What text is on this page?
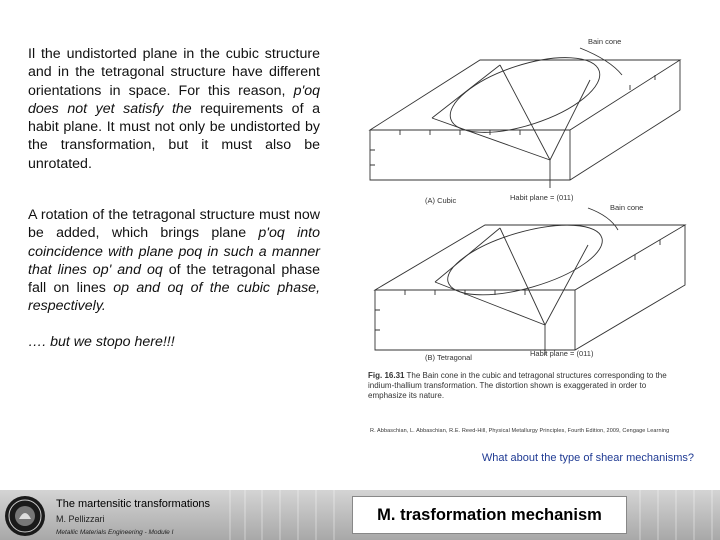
Il the undistorted plane in the cubic structure and in the tetragonal structure have different orientations in space. For this reason, p'oq does not yet satisfy the requirements of a habit plane. It must not only be undistorted by the transformation, but it must also be unrotated.

A rotation of the tetragonal structure must now be added, which brings plane p'oq into coincidence with plane poq in such a manner that lines op' and oq of the tetragonal phase fall on lines op and oq of the cubic phase, respectively.

…. but we stopo here!!!

Bain cone
(A) Cubic	Habit plane = (011)
Bain cone
(B) Tetragonal	Habit plane = (011)
Fig. 16.31 The Bain cone in the cubic and tetragonal structures corresponding to the indium-thallium transformation. The distortion shown is exaggerated in order to emphasize its nature.
R. Abbaschian, L. Abbaschian, R.E. Reed-Hill, Physical Metallurgy Principles, Fourth Edition, 2009, Cengage Learning
What about the type of shear mechanisms?
The martensitic transformations
M. Pellizzari
Metallic Materials Engineering - Module I
M. trasformation mechanism
